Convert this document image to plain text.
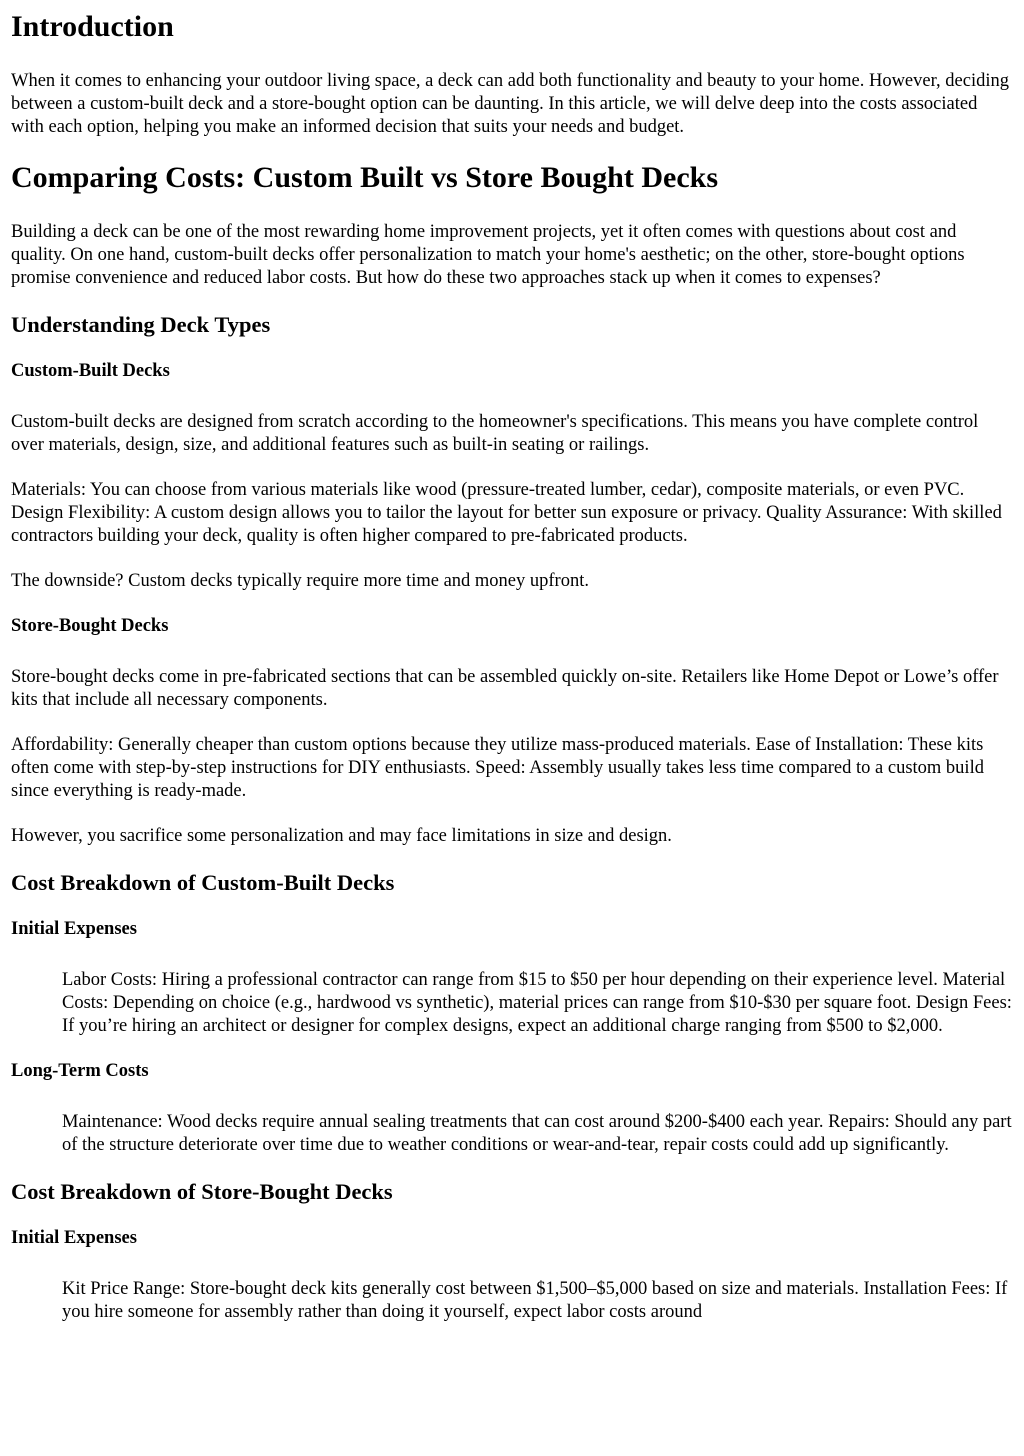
Introduction

When it comes to enhancing your outdoor living space, a deck can add both functionality and beauty to your home. However, deciding between a custom-built deck and a store-bought option can be daunting. In this article, we will delve deep into the costs associated with each option, helping you make an informed decision that suits your needs and budget.

Comparing Costs: Custom Built vs Store Bought Decks

Building a deck can be one of the most rewarding home improvement projects, yet it often comes with questions about cost and quality. On one hand, custom-built decks offer personalization to match your home's aesthetic; on the other, store-bought options promise convenience and reduced labor costs. But how do these two approaches stack up when it comes to expenses?

Understanding Deck Types
Custom-Built Decks

Custom-built decks are designed from scratch according to the homeowner's specifications. This means you have complete control over materials, design, size, and additional features such as built-in seating or railings.

Materials: You can choose from various materials like wood (pressure-treated lumber, cedar), composite materials, or even PVC. Design Flexibility: A custom design allows you to tailor the layout for better sun exposure or privacy. Quality Assurance: With skilled contractors building your deck, quality is often higher compared to pre-fabricated products.

The downside? Custom decks typically require more time and money upfront.

Store-Bought Decks

Store-bought decks come in pre-fabricated sections that can be assembled quickly on-site. Retailers like Home Depot or Lowe’s offer kits that include all necessary components.

Affordability: Generally cheaper than custom options because they utilize mass-produced materials. Ease of Installation: These kits often come with step-by-step instructions for DIY enthusiasts. Speed: Assembly usually takes less time compared to a custom build since everything is ready-made.

However, you sacrifice some personalization and may face limitations in size and design.

Cost Breakdown of Custom-Built Decks
Initial Expenses
Labor Costs: Hiring a professional contractor can range from $15 to $50 per hour depending on their experience level. Material Costs: Depending on choice (e.g., hardwood vs synthetic), material prices can range from $10-$30 per square foot. Design Fees: If you’re hiring an architect or designer for complex designs, expect an additional charge ranging from $500 to $2,000.
Long-Term Costs
Maintenance: Wood decks require annual sealing treatments that can cost around $200-$400 each year. Repairs: Should any part of the structure deteriorate over time due to weather conditions or wear-and-tear, repair costs could add up significantly.
Cost Breakdown of Store-Bought Decks
Initial Expenses
Kit Price Range: Store-bought deck kits generally cost between $1,500–$5,000 based on size and materials. Installation Fees: If you hire someone for assembly rather than doing it yourself, expect labor costs around
